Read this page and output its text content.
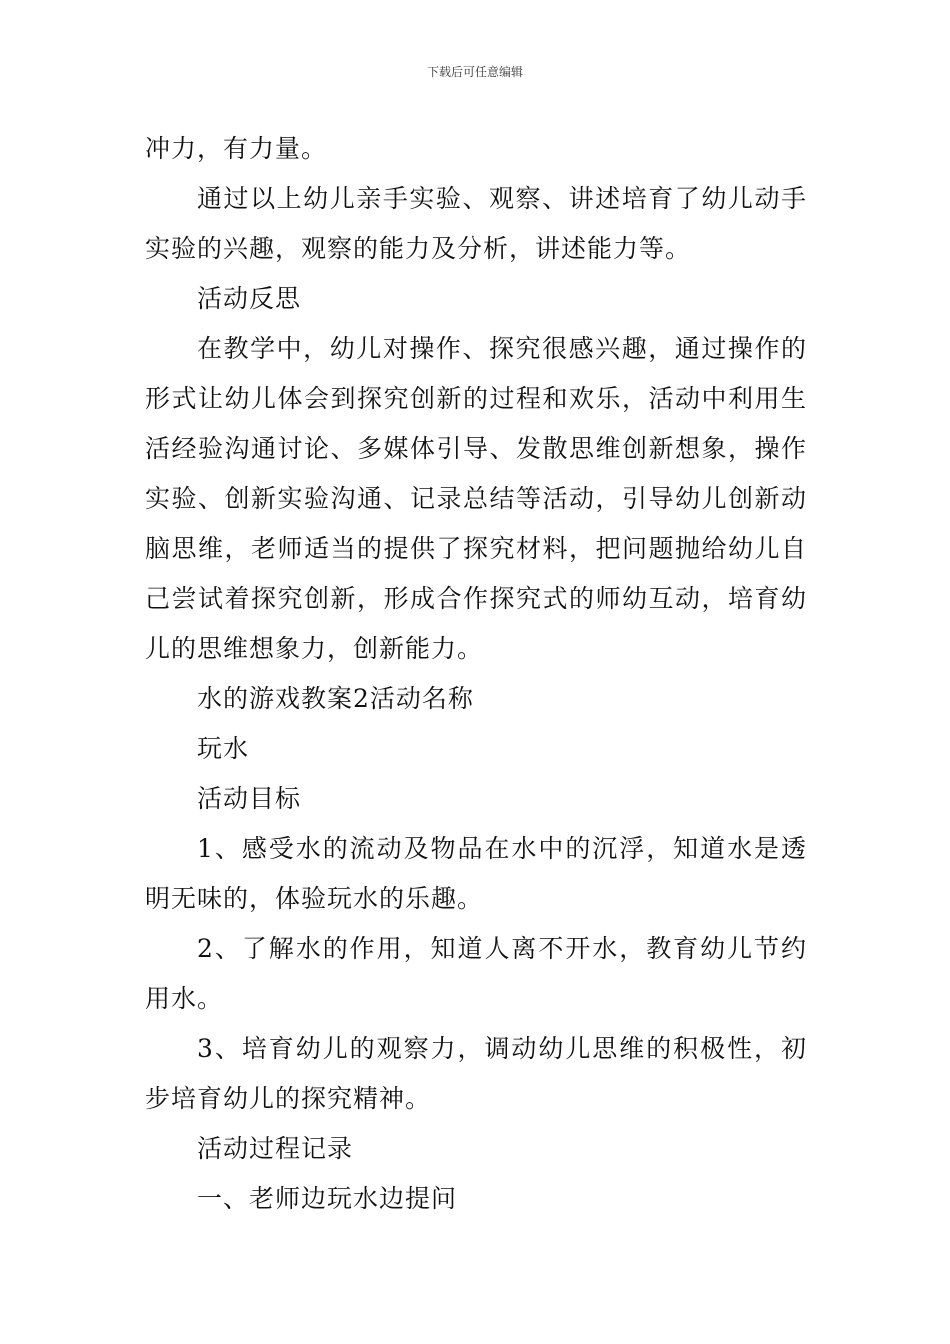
下载后可任意编辑

冲力，有力量。

通过以上幼儿亲手实验、观察、讲述培育了幼儿动手实验的兴趣，观察的能力及分析，讲述能力等。

活动反思

在教学中，幼儿对操作、探究很感兴趣，通过操作的形式让幼儿体会到探究创新的过程和欢乐，活动中利用生活经验沟通讨论、多媒体引导、发散思维创新想象，操作实验、创新实验沟通、记录总结等活动，引导幼儿创新动脑思维，老师适当的提供了探究材料，把问题抛给幼儿自己尝试着探究创新，形成合作探究式的师幼互动，培育幼儿的思维想象力，创新能力。

水的游戏教案2活动名称

玩水

活动目标

1、感受水的流动及物品在水中的沉浮，知道水是透明无味的，体验玩水的乐趣。

2、了解水的作用，知道人离不开水，教育幼儿节约用水。

3、培育幼儿的观察力，调动幼儿思维的积极性，初步培育幼儿的探究精神。

活动过程记录

一、老师边玩水边提问
